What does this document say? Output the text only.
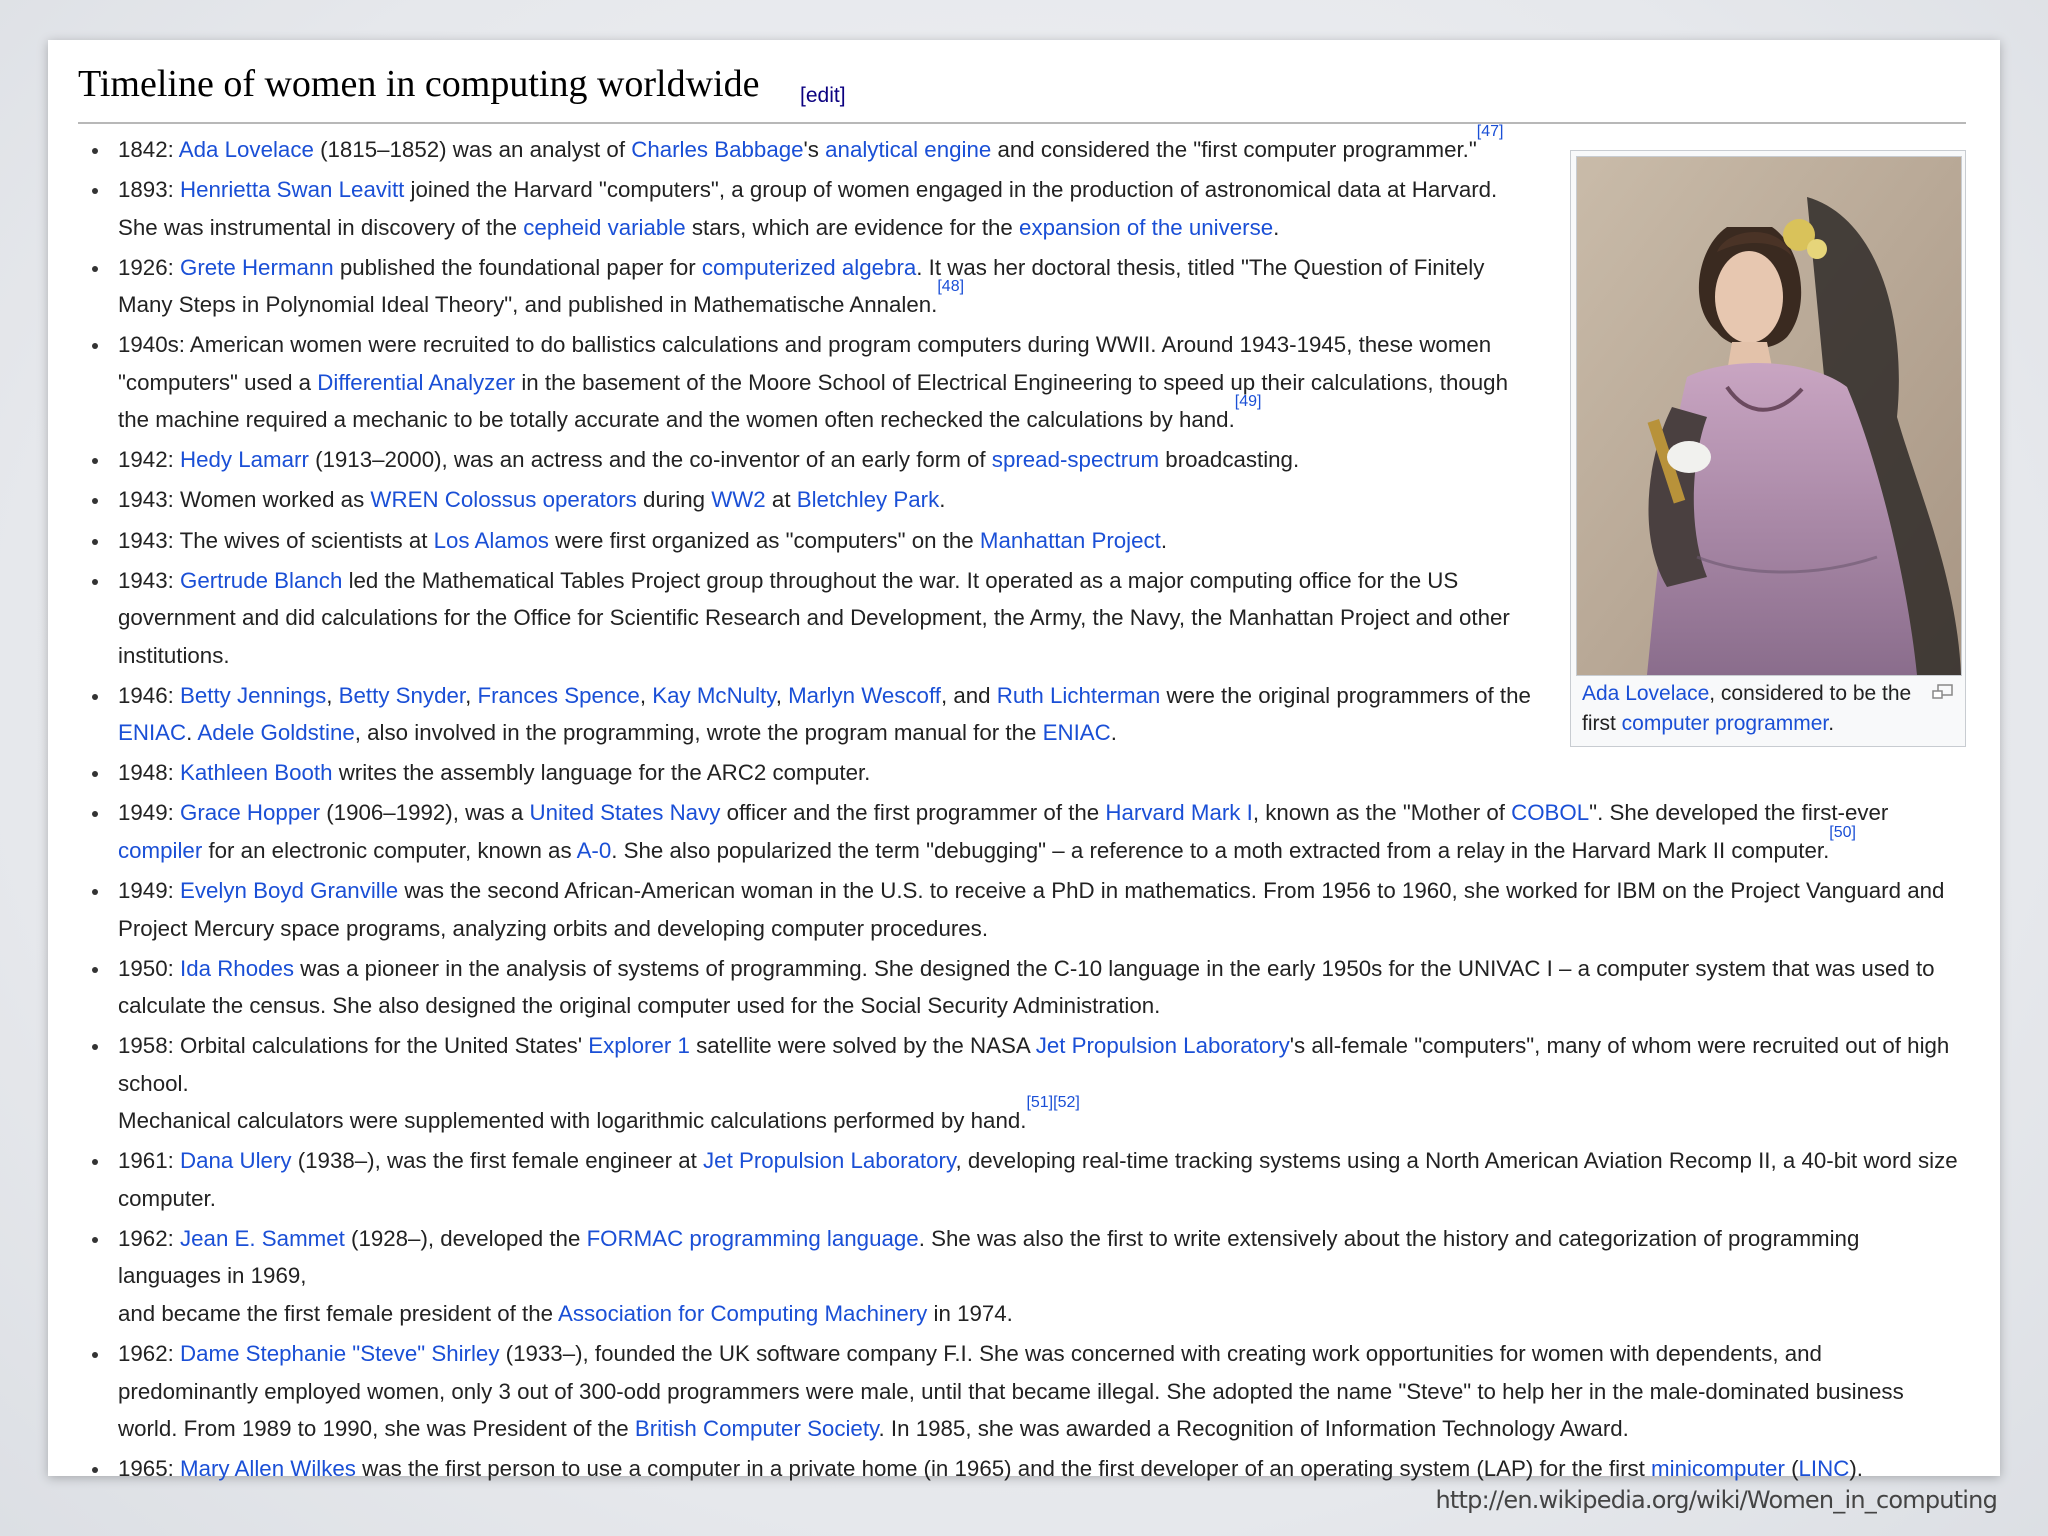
Timeline of women in computing worldwide [edit]
Ada Lovelace, considered to be the first computer programmer.
1842: Ada Lovelace (1815–1852) was an analyst of Charles Babbage's analytical engine and considered the "first computer programmer."[47]
1893: Henrietta Swan Leavitt joined the Harvard "computers", a group of women engaged in the production of astronomical data at Harvard. She was instrumental in discovery of the cepheid variable stars, which are evidence for the expansion of the universe.
1926: Grete Hermann published the foundational paper for computerized algebra. It was her doctoral thesis, titled "The Question of Finitely Many Steps in Polynomial Ideal Theory", and published in Mathematische Annalen.[48]
1940s: American women were recruited to do ballistics calculations and program computers during WWII. Around 1943-1945, these women "computers" used a Differential Analyzer in the basement of the Moore School of Electrical Engineering to speed up their calculations, though the machine required a mechanic to be totally accurate and the women often rechecked the calculations by hand.[49]
1942: Hedy Lamarr (1913–2000), was an actress and the co-inventor of an early form of spread-spectrum broadcasting.
1943: Women worked as WREN Colossus operators during WW2 at Bletchley Park.
1943: The wives of scientists at Los Alamos were first organized as "computers" on the Manhattan Project.
1943: Gertrude Blanch led the Mathematical Tables Project group throughout the war. It operated as a major computing office for the US government and did calculations for the Office for Scientific Research and Development, the Army, the Navy, the Manhattan Project and other institutions.
1946: Betty Jennings, Betty Snyder, Frances Spence, Kay McNulty, Marlyn Wescoff, and Ruth Lichterman were the original programmers of the ENIAC. Adele Goldstine, also involved in the programming, wrote the program manual for the ENIAC.
1948: Kathleen Booth writes the assembly language for the ARC2 computer.
1949: Grace Hopper (1906–1992), was a United States Navy officer and the first programmer of the Harvard Mark I, known as the "Mother of COBOL". She developed the first-ever compiler for an electronic computer, known as A-0. She also popularized the term "debugging" – a reference to a moth extracted from a relay in the Harvard Mark II computer.[50]
1949: Evelyn Boyd Granville was the second African-American woman in the U.S. to receive a PhD in mathematics. From 1956 to 1960, she worked for IBM on the Project Vanguard and Project Mercury space programs, analyzing orbits and developing computer procedures.
1950: Ida Rhodes was a pioneer in the analysis of systems of programming. She designed the C-10 language in the early 1950s for the UNIVAC I – a computer system that was used to calculate the census. She also designed the original computer used for the Social Security Administration.
1958: Orbital calculations for the United States' Explorer 1 satellite were solved by the NASA Jet Propulsion Laboratory's all-female "computers", many of whom were recruited out of high school.
Mechanical calculators were supplemented with logarithmic calculations performed by hand.[51][52]
1961: Dana Ulery (1938–), was the first female engineer at Jet Propulsion Laboratory, developing real-time tracking systems using a North American Aviation Recomp II, a 40-bit word size computer.
1962: Jean E. Sammet (1928–), developed the FORMAC programming language. She was also the first to write extensively about the history and categorization of programming languages in 1969,
and became the first female president of the Association for Computing Machinery in 1974.
1962: Dame Stephanie "Steve" Shirley (1933–), founded the UK software company F.I. She was concerned with creating work opportunities for women with dependents, and predominantly employed women, only 3 out of 300-odd programmers were male, until that became illegal. She adopted the name "Steve" to help her in the male-dominated business world. From 1989 to 1990, she was President of the British Computer Society. In 1985, she was awarded a Recognition of Information Technology Award.
1965: Mary Allen Wilkes was the first person to use a computer in a private home (in 1965) and the first developer of an operating system (LAP) for the first minicomputer (LINC).
http://en.wikipedia.org/wiki/Women_in_computing
